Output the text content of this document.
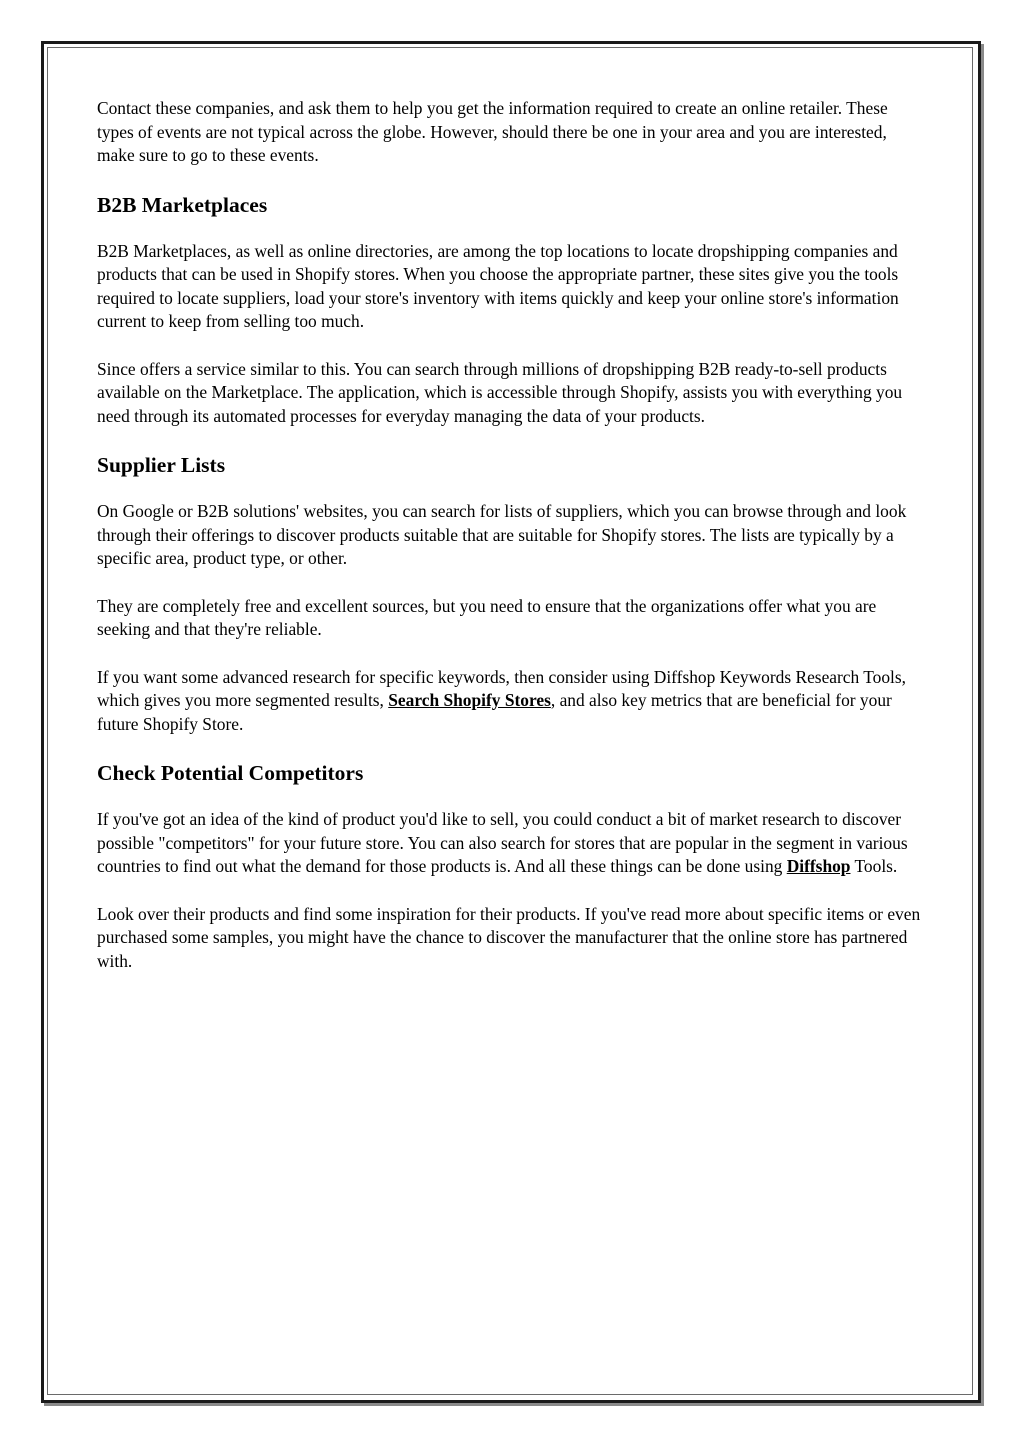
Contact these companies, and ask them to help you get the information required to create an online retailer. These types of events are not typical across the globe. However, should there be one in your area and you are interested, make sure to go to these events.

B2B Marketplaces

B2B Marketplaces, as well as online directories, are among the top locations to locate dropshipping companies and products that can be used in Shopify stores. When you choose the appropriate partner, these sites give you the tools required to locate suppliers, load your store's inventory with items quickly and keep your online store's information current to keep from selling too much.

Since offers a service similar to this. You can search through millions of dropshipping B2B ready-to-sell products available on the Marketplace. The application, which is accessible through Shopify, assists you with everything you need through its automated processes for everyday managing the data of your products.

Supplier Lists

On Google or B2B solutions' websites, you can search for lists of suppliers, which you can browse through and look through their offerings to discover products suitable that are suitable for Shopify stores. The lists are typically by a specific area, product type, or other.

They are completely free and excellent sources, but you need to ensure that the organizations offer what you are seeking and that they're reliable.

If you want some advanced research for specific keywords, then consider using Diffshop Keywords Research Tools, which gives you more segmented results, Search Shopify Stores, and also key metrics that are beneficial for your future Shopify Store.

Check Potential Competitors

If you've got an idea of the kind of product you'd like to sell, you could conduct a bit of market research to discover possible "competitors" for your future store. You can also search for stores that are popular in the segment in various countries to find out what the demand for those products is. And all these things can be done using Diffshop Tools.

Look over their products and find some inspiration for their products. If you've read more about specific items or even purchased some samples, you might have the chance to discover the manufacturer that the online store has partnered with.
